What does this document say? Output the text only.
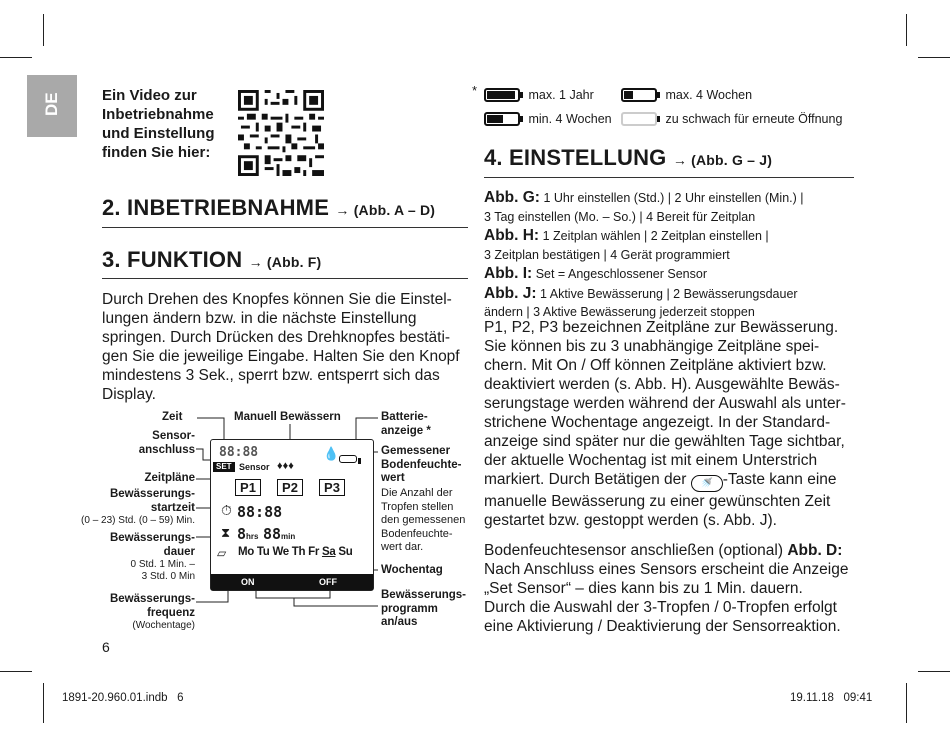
DE	Ein Video zur
Inbetriebnahme
und Einstellung
finden Sie hier:
*	max. 1 Jahr	max. 4 Wochen
min. 4 Wochen	zu schwach für erneute Öffnung
2. INBETRIEBNAHME → (Abb. A – D)
3. FUNKTION → (Abb. F)
Durch Drehen des Knopfes können Sie die Einstel-
lungen ändern bzw. in die nächste Einstellung
springen. Durch Drücken des Drehknopfes bestäti-
gen Sie die jeweilige Eingabe. Halten Sie den Knopf
mindestens 3 Sek., sperrt bzw. entsperrt sich das
Display.
Zeit
Sensor-
anschluss
Zeitpläne
Bewässerungs-
startzeit
(0 – 23) Std. (0 – 59) Min.
Bewässerungs-
dauer
0 Std. 1 Min. –
3 Std. 0 Min
Bewässerungs-
frequenz
(Wochentage)
Manuell Bewässern	Batterie-
anzeige *
Gemessener
Bodenfeuchte-
wert
Die Anzahl der
Tropfen stellen
den gemessenen
Bodenfeuchte-
wert dar.
Wochentag
Bewässerungs-
programm
an/aus
88:88	💧
SET Sensor ♦♦♦
P1	P2	P3
⏱ 88:88
⧗ 8hrs 88min
▱ Mo Tu We Th Fr Sa Su
ON	OFF
4. EINSTELLUNG → (Abb. G – J)
Abb. G: 1 Uhr einstellen (Std.) | 2 Uhr einstellen (Min.) |
3 Tag einstellen (Mo. – So.) | 4 Bereit für Zeitplan
Abb. H: 1 Zeitplan wählen | 2 Zeitplan einstellen |
3 Zeitplan bestätigen | 4 Gerät programmiert
Abb. I: Set = Angeschlossener Sensor
Abb. J: 1 Aktive Bewässerung | 2 Bewässerungsdauer
ändern | 3 Aktive Bewässerung jederzeit stoppen
P1, P2, P3 bezeichnen Zeitpläne zur Bewässerung.
Sie können bis zu 3 unabhängige Zeitpläne spei-
chern. Mit On / Off können Zeitpläne aktiviert bzw.
deaktiviert werden (s. Abb. H). Ausgewählte Bewäs-
serungstage werden während der Auswahl als unter-
strichene Wochentage angezeigt. In der Standard-
anzeige sind später nur die gewählten Tage sichtbar,
der aktuelle Wochentag ist mit einem Unterstrich
markiert. Durch Betätigen der 🚿 -Taste kann eine
manuelle Bewässerung zu einer gewünschten Zeit
gestartet bzw. gestoppt werden (s. Abb. J).
Bodenfeuchtesensor anschließen (optional) Abb. D:
Nach Anschluss eines Sensors erscheint die Anzeige
„Set Sensor“ – dies kann bis zu 1 Min. dauern.
Durch die Auswahl der 3-Tropfen / 0-Tropfen erfolgt
eine Aktivierung / Deaktivierung der Sensorreaktion.
6
1891-20.960.01.indb   6	19.11.18   09:41
